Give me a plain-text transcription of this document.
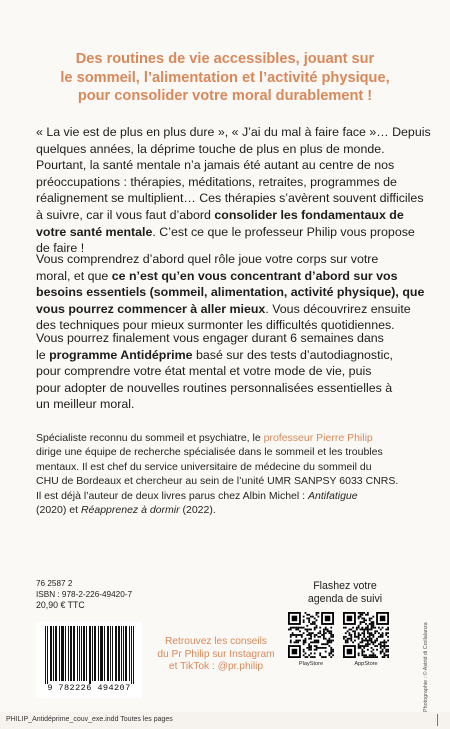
Des routines de vie accessibles, jouant sur
le sommeil, l’alimentation et l’activité physique,
pour consolider votre moral durablement !
« La vie est de plus en plus dure », « J’ai du mal à faire face »… Depuis
quelques années, la déprime touche de plus en plus de monde.
Pourtant, la santé mentale n’a jamais été autant au centre de nos
préoccupations : thérapies, méditations, retraites, programmes de
réalignement se multiplient… Ces thérapies s’avèrent souvent difficiles
à suivre, car il vous faut d’abord consolider les fondamentaux de
votre santé mentale. C’est ce que le professeur Philip vous propose
de faire !
Vous comprendrez d’abord quel rôle joue votre corps sur votre
moral, et que ce n’est qu’en vous concentrant d’abord sur vos
besoins essentiels (sommeil, alimentation, activité physique), que
vous pourrez commencer à aller mieux. Vous découvrirez ensuite
des techniques pour mieux surmonter les difficultés quotidiennes.
Vous pourrez finalement vous engager durant 6 semaines dans
le programme Antidéprime basé sur des tests d’autodiagnostic,
pour comprendre votre état mental et votre mode de vie, puis
pour adopter de nouvelles routines personnalisées essentielles à
un meilleur moral.
Spécialiste reconnu du sommeil et psychiatre, le professeur Pierre Philip
dirige une équipe de recherche spécialisée dans le sommeil et les troubles
mentaux. Il est chef du service universitaire de médecine du sommeil du
CHU de Bordeaux et chercheur au sein de l’unité UMR SANPSY 6033 CNRS.
Il est déjà l’auteur de deux livres parus chez Albin Michel : Antifatigue
(2020) et Réapprenez à dormir (2022).
76 2587 2
ISBN : 978-2-226-49420-7
20,90 € TTC
9 782226 494207
Retrouvez les conseils
du Pr Philip sur Instagram
et TikTok : @pr.philip
Flashez votre
agenda de suivi
PlayStore	AppStore	Photographie : © Astrid di Crollalanza
PHILIP_Antidéprime_couv_exe.indd Toutes les pages
